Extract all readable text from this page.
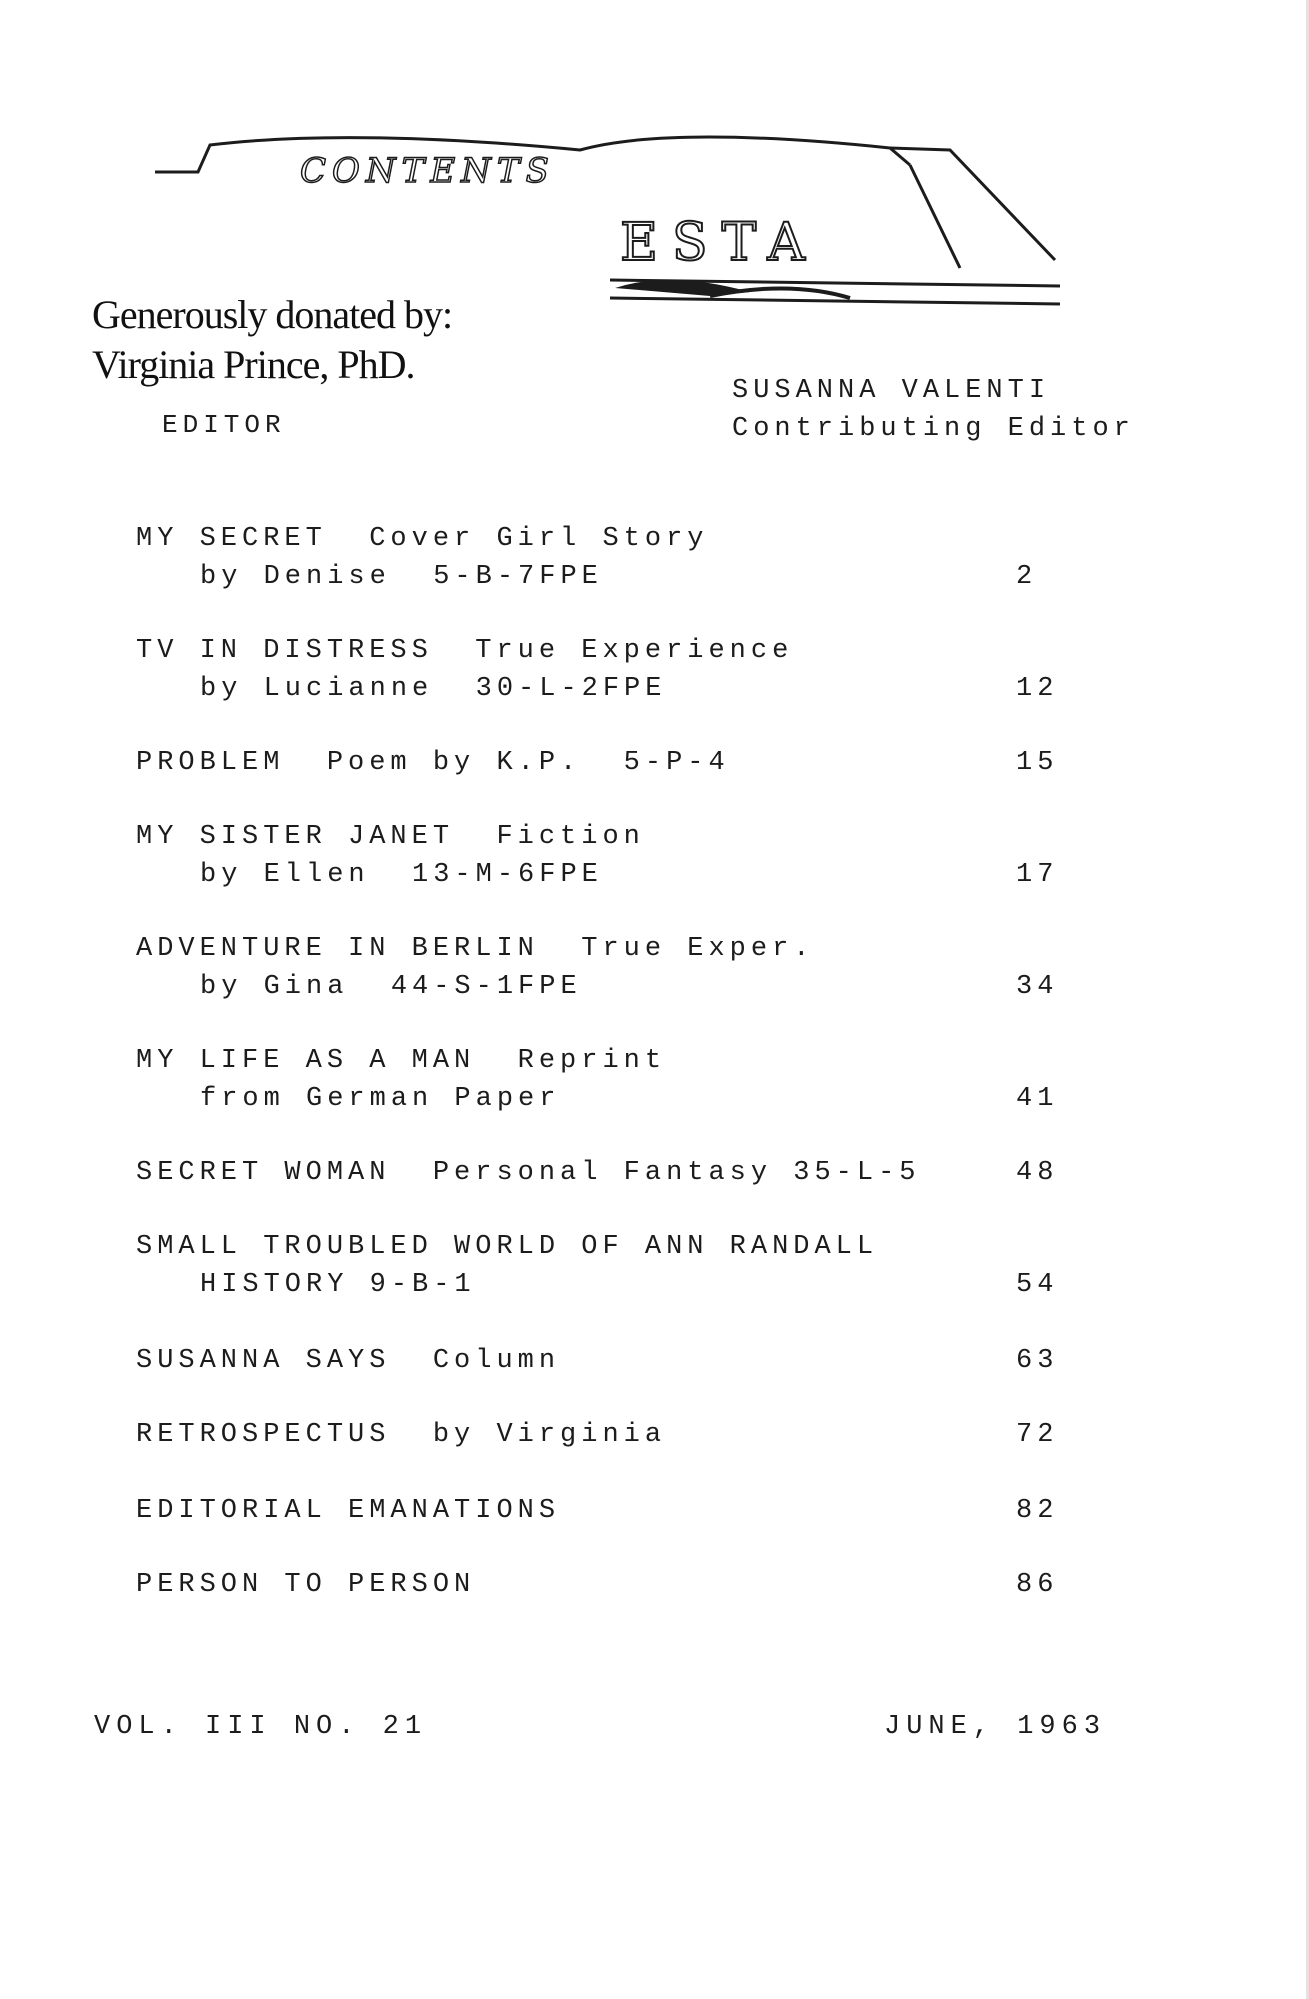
CONTENTS
ESTA

Generously donated by:
Virginia Prince, PhD.

EDITOR
SUSANNA VALENTI
Contributing Editor
MY SECRET  Cover Girl Story
by Denise  5-B-7FPE	2
TV IN DISTRESS  True Experience
by Lucianne  30-L-2FPE	12
PROBLEM  Poem by K.P.  5-P-4	15
MY SISTER JANET  Fiction
by Ellen  13-M-6FPE	17
ADVENTURE IN BERLIN  True Exper.
by Gina  44-S-1FPE	34
MY LIFE AS A MAN  Reprint
from German Paper	41
SECRET WOMAN  Personal Fantasy 35-L-5	48
SMALL TROUBLED WORLD OF ANN RANDALL
HISTORY 9-B-1	54
SUSANNA SAYS  Column	63
RETROSPECTUS  by Virginia	72
EDITORIAL EMANATIONS	82
PERSON TO PERSON	86
VOL. III NO. 21	JUNE, 1963
